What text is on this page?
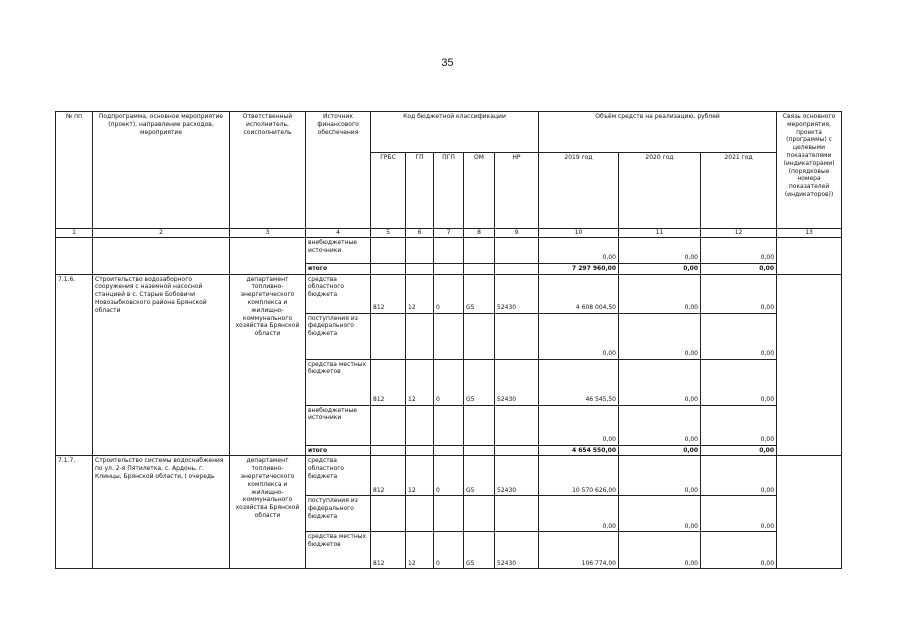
35
№ пп	Подпрограмма, основное мероприятие (проект), направление расходов, мероприятие	Ответственный исполнитель, соисполнитель	Источник финансового обеспечения	Код бюджетной классификации					Объём средств на реализацию, рублей			Связь основного мероприятия, проекта (программы) с целевыми показателями (индикаторами) (порядковые номера показателей (индикаторов))
				ГРБС	ГП	ПГП	ОМ	НР	2019 год	2020 год	2021 год	
1	2	3	4	5	6	7	8	9	10	11	12	13
			внебюджетные источники						0,00	0,00	0,00	
			итого						7 297 960,00	0,00	0,00	
7.1.6.	Строительство водозаборного сооружения с наземной насосной станцией в с. Старые Бобовичи Новозыбковского района Брянской области	департамент топливно-энергетического комплекса и жилищно-коммунального хозяйства Брянской области	средства областного бюджета	812	12	0	G5	52430	4 608 004,50	0,00	0,00	
			поступления из федерального бюджета						0,00	0,00	0,00	
			средства местных бюджетов	812	12	0	G5	52430	46 545,50	0,00	0,00	
			внебюджетные источники						0,00	0,00	0,00	
			итого						4 654 550,00	0,00	0,00	
7.1.7.	Строительство системы водоснабжения по ул. 2-я Пятилетка, с. Ардонь, г. Клинцы, Брянской области, I очередь	департамент топливно-энергетического комплекса и жилищно-коммунального хозяйства Брянской области	средства областного бюджета	812	12	0	G5	52430	10 570 626,00	0,00	0,00	
			поступления из федерального бюджета						0,00	0,00	0,00	
			средства местных бюджетов	812	12	0	G5	52430	106 774,00	0,00	0,00	
